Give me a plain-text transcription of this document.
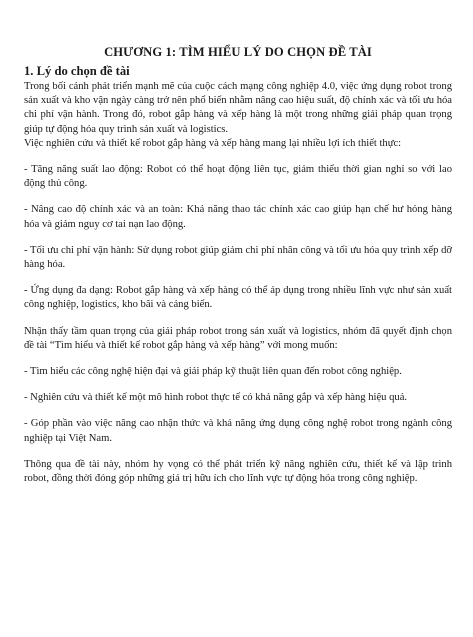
CHƯƠNG 1: TÌM HIỂU LÝ DO CHỌN ĐỀ TÀI
1. Lý do chọn đề tài

Trong bối cảnh phát triển mạnh mẽ của cuộc cách mạng công nghiệp 4.0, việc ứng dụng robot trong sản xuất và kho vận ngày càng trở nên phổ biến nhằm nâng cao hiệu suất, độ chính xác và tối ưu hóa chi phí vận hành. Trong đó, robot gắp hàng và xếp hàng là một trong những giải pháp quan trọng giúp tự động hóa quy trình sản xuất và logistics.

Việc nghiên cứu và thiết kế robot gắp hàng và xếp hàng mang lại nhiều lợi ích thiết thực:

- Tăng năng suất lao động: Robot có thể hoạt động liên tục, giảm thiểu thời gian nghỉ so với lao động thủ công.

- Nâng cao độ chính xác và an toàn: Khả năng thao tác chính xác cao giúp hạn chế hư hỏng hàng hóa và giảm nguy cơ tai nạn lao động.

- Tối ưu chi phí vận hành: Sử dụng robot giúp giảm chi phí nhân công và tối ưu hóa quy trình xếp dỡ hàng hóa.

- Ứng dụng đa dạng: Robot gắp hàng và xếp hàng có thể áp dụng trong nhiều lĩnh vực như sản xuất công nghiệp, logistics, kho bãi và cảng biển.

Nhận thấy tầm quan trọng của giải pháp robot trong sản xuất và logistics, nhóm đã quyết định chọn đề tài “Tìm hiểu và thiết kế robot gắp hàng và xếp hàng” với mong muốn:

- Tìm hiểu các công nghệ hiện đại và giải pháp kỹ thuật liên quan đến robot công nghiệp.

- Nghiên cứu và thiết kế một mô hình robot thực tế có khả năng gắp và xếp hàng hiệu quả.

- Góp phần vào việc nâng cao nhận thức và khả năng ứng dụng công nghệ robot trong ngành công nghiệp tại Việt Nam.

Thông qua đề tài này, nhóm hy vọng có thể phát triển kỹ năng nghiên cứu, thiết kế và lập trình robot, đồng thời đóng góp những giá trị hữu ích cho lĩnh vực tự động hóa trong công nghiệp.
